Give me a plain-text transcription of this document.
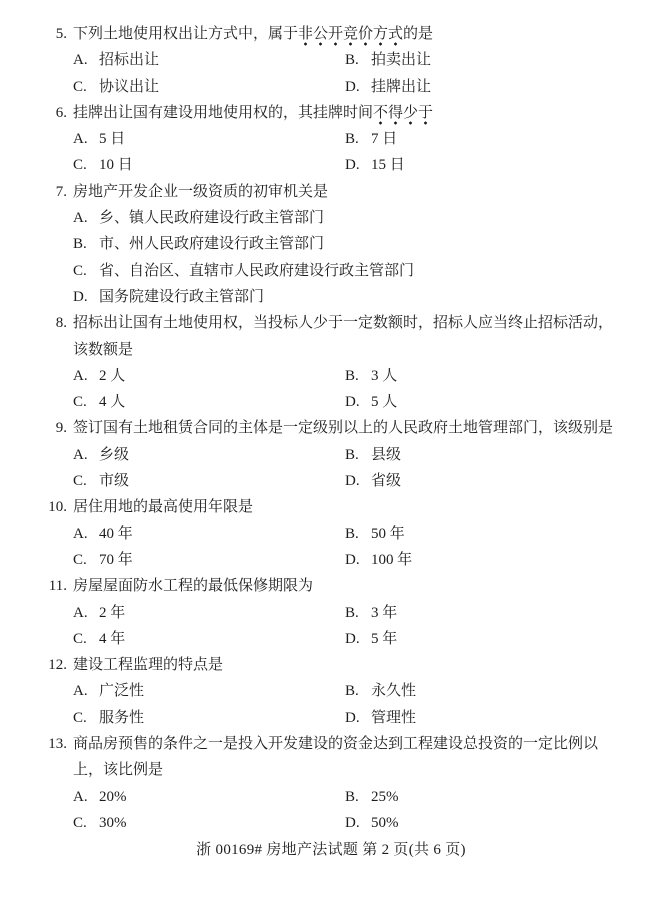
5. 下列土地使用权出让方式中，属于非公开竞价方式的是
A. 招标出让	B. 拍卖出让
C. 协议出让	D. 挂牌出让
6. 挂牌出让国有建设用地使用权的，其挂牌时间不得少于
A. 5 日	B. 7 日
C. 10 日	D. 15 日
7. 房地产开发企业一级资质的初审机关是
A. 乡、镇人民政府建设行政主管部门
B. 市、州人民政府建设行政主管部门
C. 省、自治区、直辖市人民政府建设行政主管部门
D. 国务院建设行政主管部门
8. 招标出让国有土地使用权，当投标人少于一定数额时，招标人应当终止招标活动，
该数额是
A. 2 人	B. 3 人
C. 4 人	D. 5 人
9. 签订国有土地租赁合同的主体是一定级别以上的人民政府土地管理部门，该级别是
A. 乡级	B. 县级
C. 市级	D. 省级
10. 居住用地的最高使用年限是
A. 40 年	B. 50 年
C. 70 年	D. 100 年
11. 房屋屋面防水工程的最低保修期限为
A. 2 年	B. 3 年
C. 4 年	D. 5 年
12. 建设工程监理的特点是
A. 广泛性	B. 永久性
C. 服务性	D. 管理性
13. 商品房预售的条件之一是投入开发建设的资金达到工程建设总投资的一定比例以
上，该比例是
A. 20%	B. 25%
C. 30%	D. 50%
浙 00169# 房地产法试题 第 2 页(共 6 页)
